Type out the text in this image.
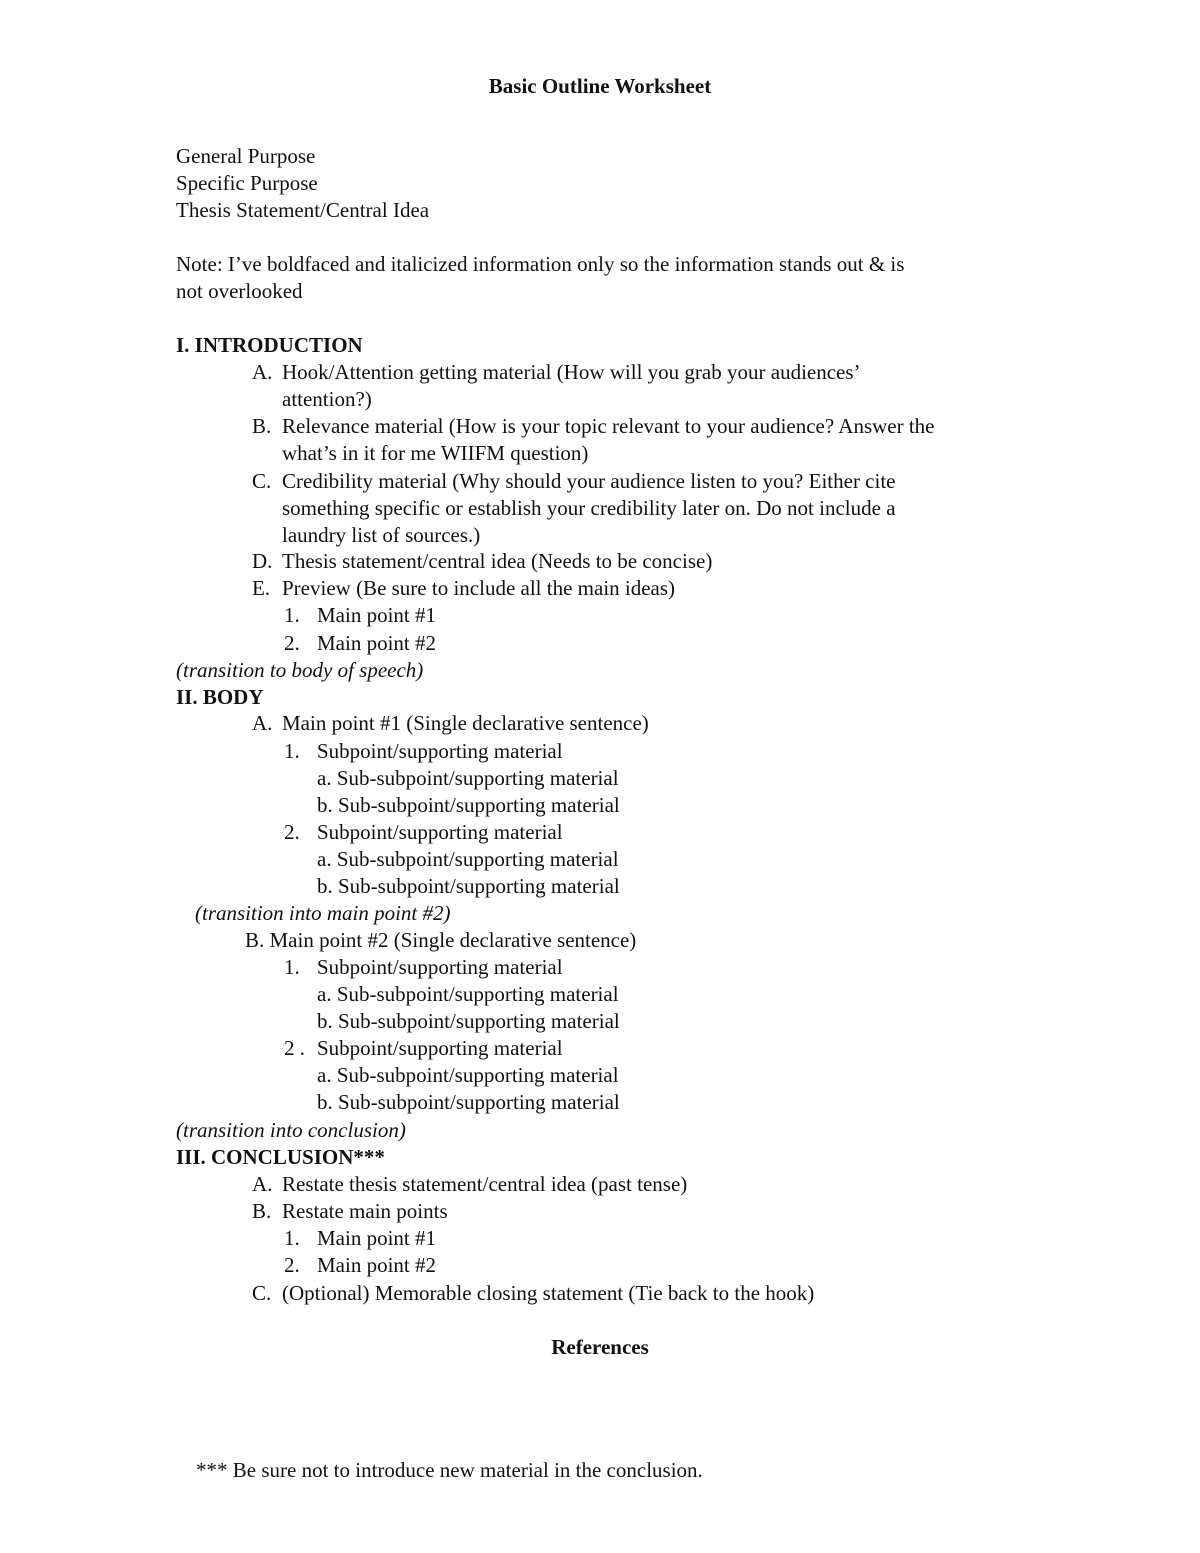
Basic Outline Worksheet
General Purpose
Specific Purpose
Thesis Statement/Central Idea
Note: I’ve boldfaced and italicized information only so the information stands out & is
not overlooked
I. INTRODUCTION
A. Hook/Attention getting material (How will you grab your audiences’
attention?)
B. Relevance material (How is your topic relevant to your audience? Answer the
what’s in it for me WIIFM question)
C. Credibility material (Why should your audience listen to you? Either cite
something specific or establish your credibility later on. Do not include a
laundry list of sources.)
D. Thesis statement/central idea (Needs to be concise)
E. Preview (Be sure to include all the main ideas)
1. Main point #1
2. Main point #2
(transition to body of speech)
II. BODY
A. Main point #1 (Single declarative sentence)
1. Subpoint/supporting material
a. Sub-subpoint/supporting material
b. Sub-subpoint/supporting material
2. Subpoint/supporting material
a. Sub-subpoint/supporting material
b. Sub-subpoint/supporting material
(transition into main point #2)
B. Main point #2 (Single declarative sentence)
1. Subpoint/supporting material
a. Sub-subpoint/supporting material
b. Sub-subpoint/supporting material
2 . Subpoint/supporting material
a. Sub-subpoint/supporting material
b. Sub-subpoint/supporting material
(transition into conclusion)
III. CONCLUSION***
A. Restate thesis statement/central idea (past tense)
B. Restate main points
1. Main point #1
2. Main point #2
C. (Optional) Memorable closing statement (Tie back to the hook)
References
*** Be sure not to introduce new material in the conclusion.
